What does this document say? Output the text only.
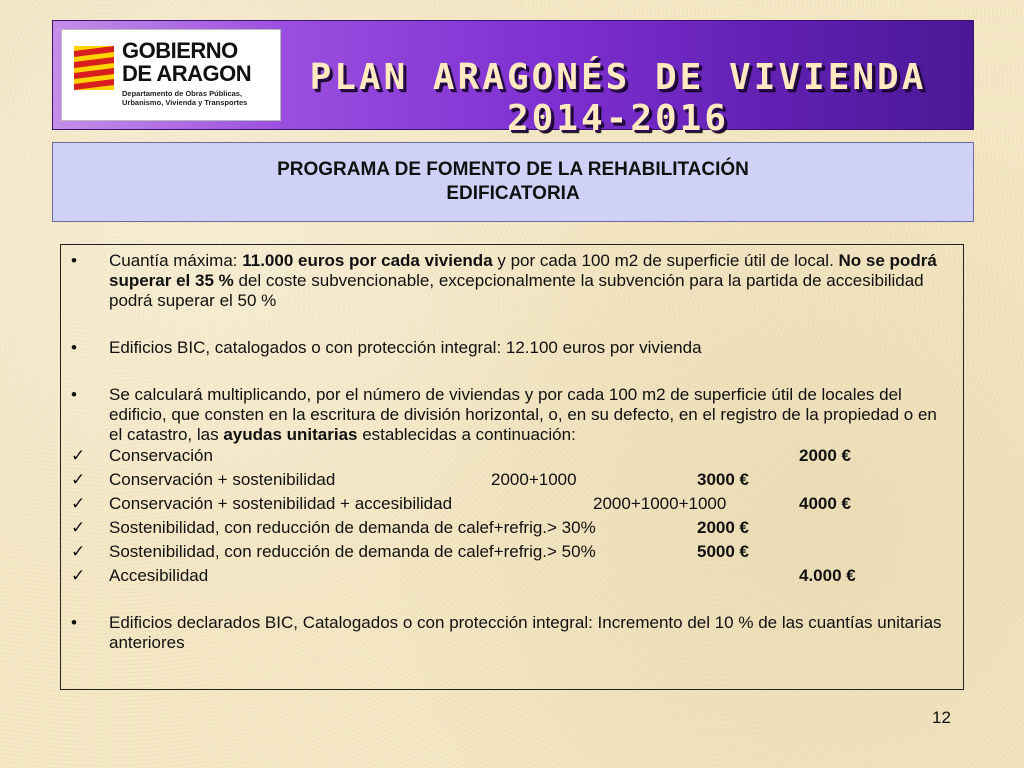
GOBIERNO
DE ARAGON
Departamento de Obras Públicas,
Urbanismo, Vivienda y Transportes
PLAN ARAGONÉS DE VIVIENDA 2014-2016
PROGRAMA DE FOMENTO DE LA REHABILITACIÓN
EDIFICATORIA
•	Cuantía máxima: 11.000 euros por cada vivienda y por cada 100 m2 de superficie útil de local. No se podrá superar el 35 % del coste subvencionable, excepcionalmente la subvención para la partida de accesibilidad podrá superar el 50 %
•	Edificios BIC, catalogados o con protección integral: 12.100 euros por vivienda
•	Se calculará multiplicando, por el número de viviendas y por cada 100 m2 de superficie útil de locales del edificio, que consten en la escritura de división horizontal, o, en su defecto, en el registro de la propiedad o en el catastro, las ayudas unitarias establecidas a continuación:
✓	Conservación	2000 €
✓	Conservación + sostenibilidad	2000+1000	3000 €
✓	Conservación + sostenibilidad + accesibilidad	2000+1000+1000	4000 €
✓	Sostenibilidad, con reducción de demanda de calef+refrig.> 30%	2000 €
✓	Sostenibilidad, con reducción de demanda de calef+refrig.> 50%	5000 €
✓	Accesibilidad	4.000 €
•	Edificios declarados BIC, Catalogados o con protección integral: Incremento del 10 % de las cuantías unitarias anteriores
12
